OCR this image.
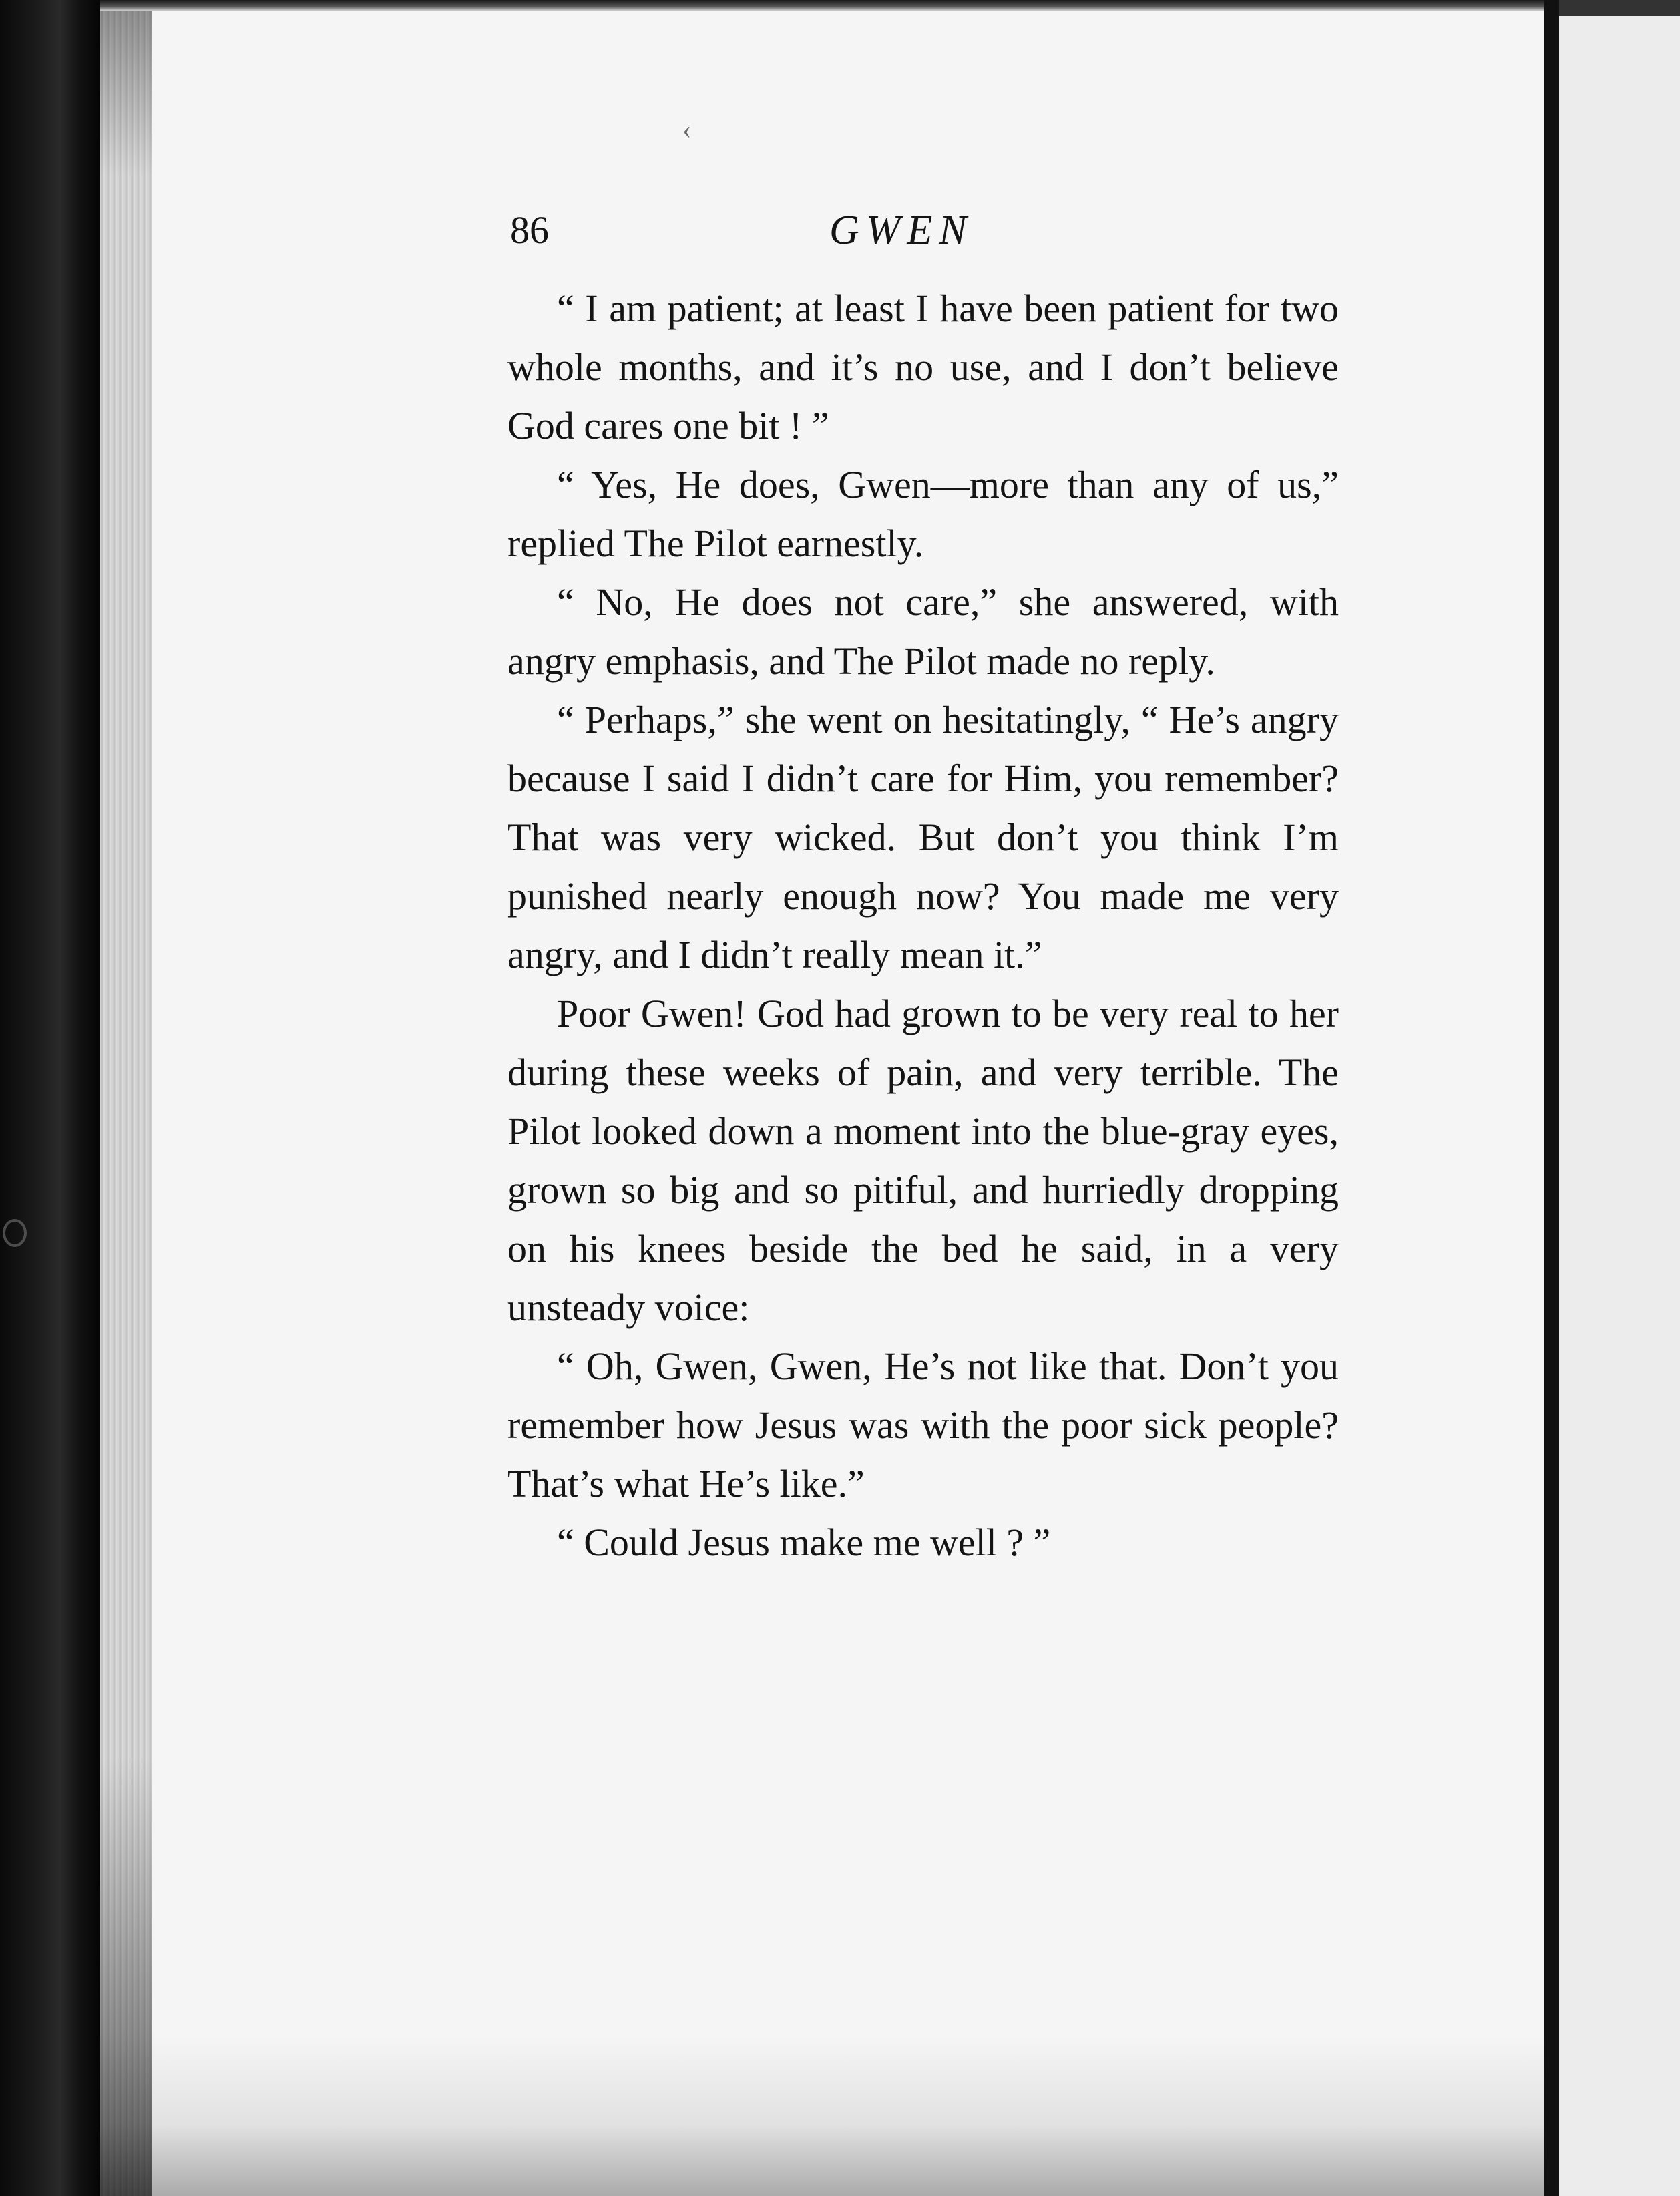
‹
86	GWEN

“ I am patient; at least I have been patient for two whole months, and it’s no use, and I don’t believe God cares one bit ! ”

“ Yes, He does, Gwen—more than any of us,” replied The Pilot earnestly.

“ No, He does not care,” she answered, with angry emphasis, and The Pilot made no reply.

“ Perhaps,” she went on hesitatingly, “ He’s angry because I said I didn’t care for Him, you remember? That was very wicked. But don’t you think I’m punished nearly enough now? You made me very angry, and I didn’t really mean it.”

Poor Gwen! God had grown to be very real to her during these weeks of pain, and very terrible. The Pilot looked down a moment into the blue-gray eyes, grown so big and so pitiful, and hurriedly dropping on his knees beside the bed he said, in a very unsteady voice:

“ Oh, Gwen, Gwen, He’s not like that. Don’t you remember how Jesus was with the poor sick people? That’s what He’s like.”

“ Could Jesus make me well ? ”
